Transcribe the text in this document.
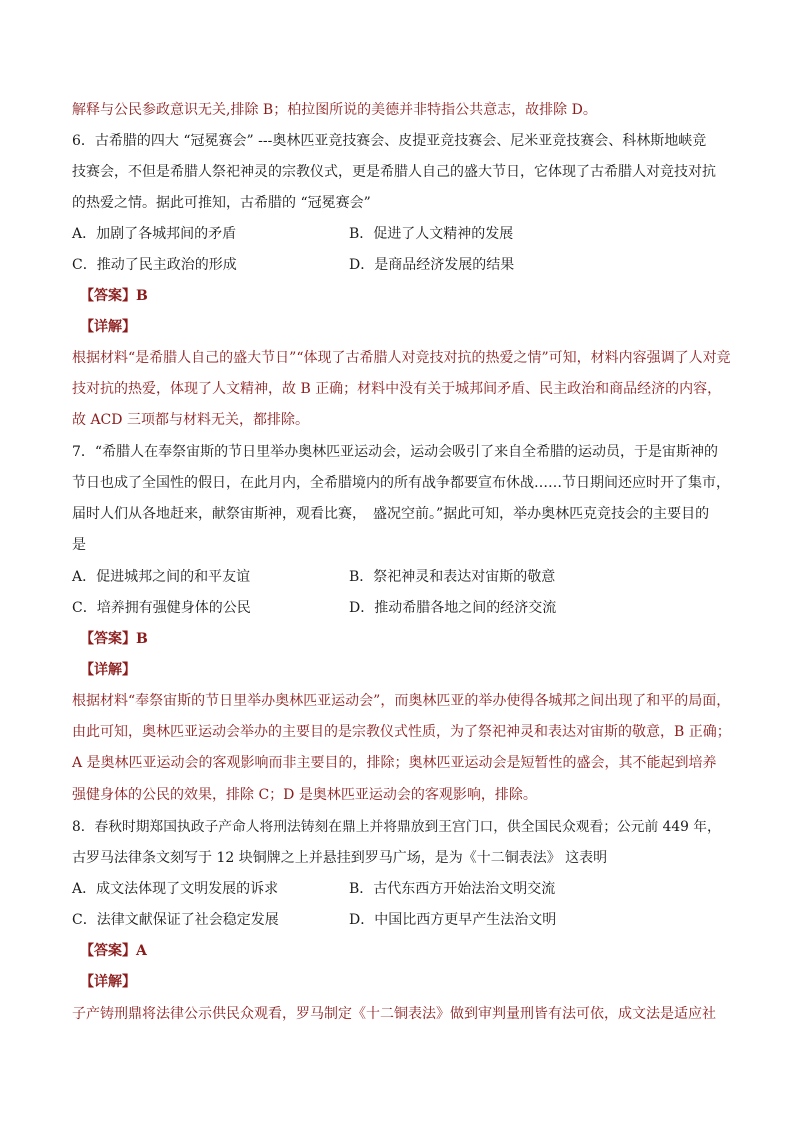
解释与公民参政意识无关,排除 B；柏拉图所说的美德并非特指公共意志，故排除 D。
6．古希腊的四大 “冠冕赛会” ---奥林匹亚竞技赛会、皮提亚竞技赛会、尼米亚竞技赛会、科林斯地峡竞
技赛会，不但是希腊人祭祀神灵的宗教仪式，更是希腊人自己的盛大节日，它体现了古希腊人对竞技对抗
的热爱之情。据此可推知，古希腊的 “冠冕赛会”
A．加剧了各城邦间的矛盾	B．促进了人文精神的发展
C．推动了民主政治的形成	D．是商品经济发展的结果
【答案】B
【详解】
根据材料“是希腊人自己的盛大节日”“体现了古希腊人对竞技对抗的热爱之情”可知，材料内容强调了人对竞
技对抗的热爱，体现了人文精神，故 B 正确；材料中没有关于城邦间矛盾、民主政治和商品经济的内容，
故 ACD 三项都与材料无关，都排除。
7．“希腊人在奉祭宙斯的节日里举办奥林匹亚运动会，运动会吸引了来自全希腊的运动员，于是宙斯神的
节日也成了全国性的假日，在此月内，全希腊境内的所有战争都要宣布休战……节日期间还应时开了集市，
届时人们从各地赶来，献祭宙斯神，观看比赛，　盛况空前。”据此可知，举办奥林匹克竞技会的主要目的
是
A．促进城邦之间的和平友谊	B．祭祀神灵和表达对宙斯的敬意
C．培养拥有强健身体的公民	D．推动希腊各地之间的经济交流
【答案】B
【详解】
根据材料“奉祭宙斯的节日里举办奥林匹亚运动会”，而奥林匹亚的举办使得各城邦之间出现了和平的局面，
由此可知，奥林匹亚运动会举办的主要目的是宗教仪式性质，为了祭祀神灵和表达对宙斯的敬意，B 正确；
A 是奥林匹亚运动会的客观影响而非主要目的，排除；奥林匹亚运动会是短暂性的盛会，其不能起到培养
强健身体的公民的效果，排除 C；D 是奥林匹亚运动会的客观影响，排除。
8．春秋时期郑国执政子产命人将刑法铸刻在鼎上并将鼎放到王宫门口，供全国民众观看；公元前 449 年，
古罗马法律条文刻写于 12 块铜牌之上并悬挂到罗马广场，是为《十二铜表法》 这表明
A．成文法体现了文明发展的诉求	B．古代东西方开始法治文明交流
C．法律文献保证了社会稳定发展	D．中国比西方更早产生法治文明
【答案】A
【详解】
子产铸刑鼎将法律公示供民众观看，罗马制定《十二铜表法》做到审判量刑皆有法可依，成文法是适应社
